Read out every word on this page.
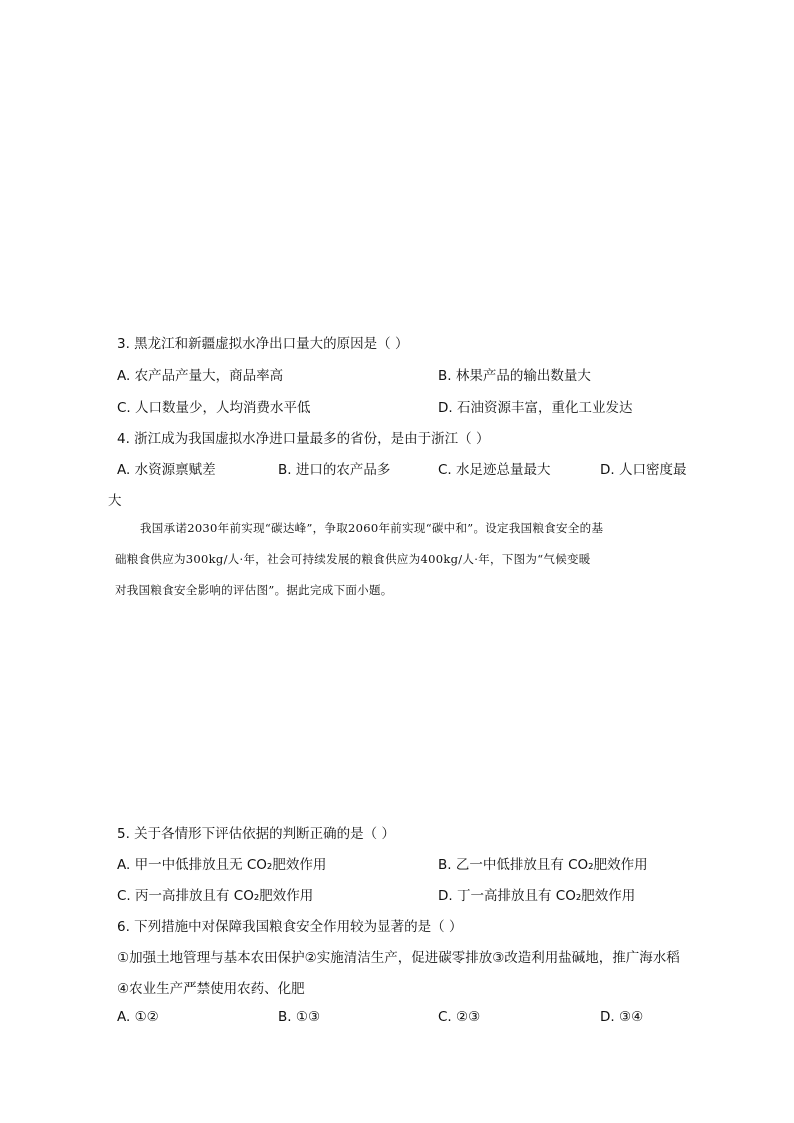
3. 黑龙江和新疆虚拟水净出口量大的原因是（ ）
A. 农产品产量大，商品率高	B. 林果产品的输出数量大
C. 人口数量少，人均消费水平低	D. 石油资源丰富，重化工业发达
4. 浙江成为我国虚拟水净进口量最多的省份，是由于浙江（ ）
A. 水资源禀赋差	B. 进口的农产品多	C. 水足迹总量最大	D. 人口密度最
大
我国承诺2030年前实现“碳达峰”，争取2060年前实现“碳中和”。设定我国粮食安全的基
础粮食供应为300kg/人·年，社会可持续发展的粮食供应为400kg/人·年，下图为“气候变暖
对我国粮食安全影响的评估图”。据此完成下面小题。
5. 关于各情形下评估依据的判断正确的是（ ）
A. 甲一中低排放且无 CO₂肥效作用	B. 乙一中低排放且有 CO₂肥效作用
C. 丙一高排放且有 CO₂肥效作用	D. 丁一高排放且有 CO₂肥效作用
6. 下列措施中对保障我国粮食安全作用较为显著的是（ ）
①加强土地管理与基本农田保护②实施清洁生产，促进碳零排放③改造利用盐碱地，推广海水稻
④农业生产严禁使用农药、化肥
A. ①②	B. ①③	C. ②③	D. ③④
